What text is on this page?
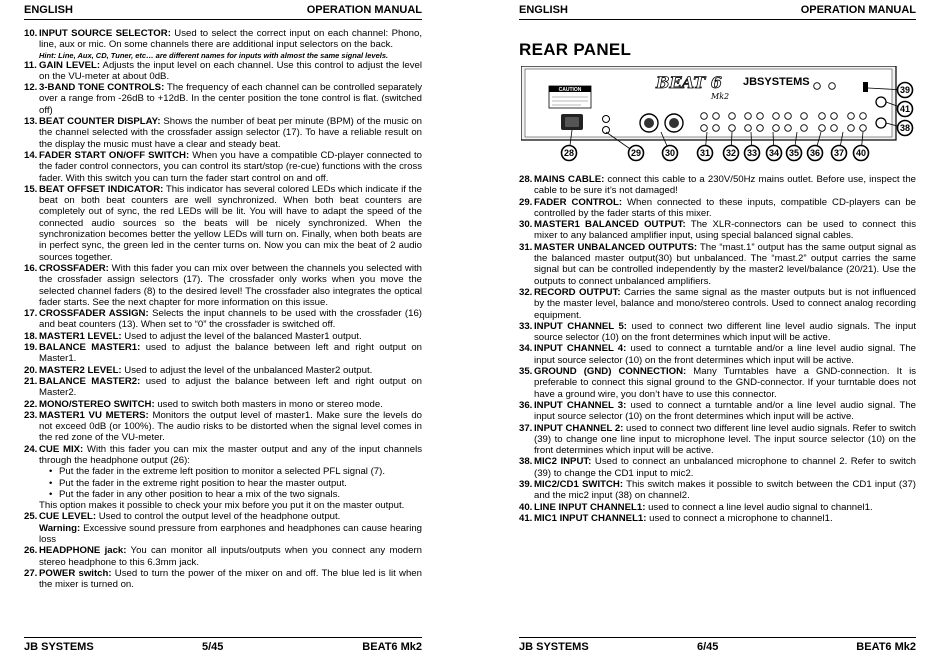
ENGLISH	OPERATION MANUAL
10. INPUT SOURCE SELECTOR: Used to select the correct input on each channel: Phono, line, aux or mic. On some channels there are additional input selectors on the back.
Hint: Line, Aux, CD, Tuner, etc… are different names for inputs with almost the same signal levels.
11. GAIN LEVEL: Adjusts the input level on each channel. Use this control to adjust the level on the VU-meter at about 0dB.
12. 3-BAND TONE CONTROLS: The frequency of each channel can be controlled separately over a range from -26dB to +12dB. In the center position the tone control is flat. (switched off)
13. BEAT COUNTER DISPLAY: Shows the number of beat per minute (BPM) of the music on the channel selected with the crossfader assign selector (17). To have a reliable result on the display the music must have a clear and steady beat.
14. FADER START ON/OFF SWITCH: When you have a compatible CD-player connected to the fader control connectors, you can control its start/stop (re-cue) functions with the cross fader. With this switch you can turn the fader start control on and off.
15. BEAT OFFSET INDICATOR: This indicator has several colored LEDs which indicate if the beat on both beat counters are well synchronized. When both beat counters are completely out of sync, the red LEDs will be lit. You will have to adapt the speed of the connected audio sources so the beats will be nicely synchronized. When the synchronization becomes better the yellow LEDs will turn on. Finally, when both beats are in perfect sync, the green led in the center turns on. Now you can mix the beat of 2 audio sources together.
16. CROSSFADER: With this fader you can mix over between the channels you selected with the crossfader assign selectors (17). The crossfader only works when you move the selected channel faders (8) to the desired level! The crossfader also integrates the optical fader starts. See the next chapter for more information on this issue.
17. CROSSFADER ASSIGN: Selects the input channels to be used with the crossfader (16) and beat counters (13). When set to “0” the crossfader is switched off.
18. MASTER1 LEVEL: Used to adjust the level of the balanced Master1 output.
19. BALANCE MASTER1: used to adjust the balance between left and right output on Master1.
20. MASTER2 LEVEL: Used to adjust the level of the unbalanced Master2 output.
21. BALANCE MASTER2: used to adjust the balance between left and right output on Master2.
22. MONO/STEREO SWITCH: used to switch both masters in mono or stereo mode.
23. MASTER1 VU METERS: Monitors the output level of master1. Make sure the levels do not exceed 0dB (or 100%). The audio risks to be distorted when the signal level comes in the red zone of the VU-meter.
24. CUE MIX: With this fader you can mix the master output and any of the input channels through the headphone output (26):
• Put the fader in the extreme left position to monitor a selected PFL signal (7).
• Put the fader in the extreme right position to hear the master output.
• Put the fader in any other position to hear a mix of the two signals.
This option makes it possible to check your mix before you put it on the master output.
25. CUE LEVEL: Used to control the output level of the headphone output.
Warning: Excessive sound pressure from earphones and headphones can cause hearing loss
26. HEADPHONE jack: You can monitor all inputs/outputs when you connect any modern stereo headphone to this 6.3mm jack.
27. POWER switch: Used to turn the power of the mixer on and off. The blue led is lit when the mixer is turned on.
JB SYSTEMS	5/45	BEAT6 Mk2
ENGLISH	OPERATION MANUAL
REAR PANEL
CAUTION	BEAT 6
Mk2
JBSYSTEMS
28	29	30	31 32 33 34 35 36 37 40
39
41
38
28. MAINS CABLE: connect this cable to a 230V/50Hz mains outlet. Before use, inspect the cable to be sure it’s not damaged!
29. FADER CONTROL: When connected to these inputs, compatible CD-players can be controlled by the fader starts of this mixer.
30. MASTER1 BALANCED OUTPUT: The XLR-connectors can be used to connect this mixer to any balanced amplifier input, using special balanced signal cables.
31. MASTER UNBALANCED OUTPUTS: The “mast.1” output has the same output signal as the balanced master output(30) but unbalanced. The “mast.2” output carries the same signal but can be controlled independently by the master2 level/balance (20/21). Use the outputs to connect unbalanced amplifiers.
32. RECORD OUTPUT: Carries the same signal as the master outputs but is not influenced by the master level, balance and mono/stereo controls. Used to connect analog recording equipment.
33. INPUT CHANNEL 5: used to connect two different line level audio signals. The input source selector (10) on the front determines which input will be active.
34. INPUT CHANNEL 4: used to connect a turntable and/or a line level audio signal. The input source selector (10) on the front determines which input will be active.
35. GROUND (GND) CONNECTION: Many Turntables have a GND-connection. It is preferable to connect this signal ground to the GND-connector. If your turntable does not have a ground wire, you don’t have to use this connector.
36. INPUT CHANNEL 3: used to connect a turntable and/or a line level audio signal. The input source selector (10) on the front determines which input will be active.
37. INPUT CHANNEL 2: used to connect two different line level audio signals. Refer to switch (39) to change one line input to microphone level. The input source selector (10) on the front determines which input will be active.
38. MIC2 INPUT: Used to connect an unbalanced microphone to channel 2. Refer to switch (39) to change the CD1 input to mic2.
39. MIC2/CD1 SWITCH: This switch makes it possible to switch between the CD1 input (37) and the mic2 input (38) on channel2.
40. LINE INPUT CHANNEL1: used to connect a line level audio signal to channel1.
41. MIC1 INPUT CHANNEL1: used to connect a microphone to channel1.
JB SYSTEMS	6/45	BEAT6 Mk2
